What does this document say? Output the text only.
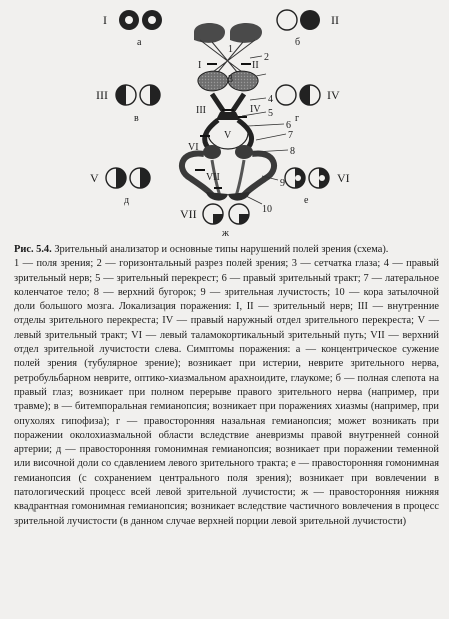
I	II
III	IV
V	VI
VII
а	б
в	г
д	е
ж
1
2
3
4
5
6
7
8
9
10
I	II
III	IV
V
VI
VII
Рис. 5.4. Зрительный анализатор и основные типы нарушений полей зрения (схема).
1 — поля зрения; 2 — горизонтальный разрез полей зрения; 3 — сетчатка глаза; 4 — правый зрительный нерв; 5 — зрительный перекрест; 6 — правый зрительный тракт; 7 — латеральное коленчатое тело; 8 — верхний бугорок; 9 — зрительная лучистость; 10 — кора затылочной доли большого мозга. Локализация поражения: I, II — зрительный нерв; III — внутренние отделы зрительного перекреста; IV — правый наружный отдел зрительного перекреста; V — левый зрительный тракт; VI — левый таламокортикальный зрительный путь; VII — верхний отдел зрительной лучистости слева. Симптомы поражения: а — концентрическое сужение полей зрения (тубулярное зрение); возникает при истерии, неврите зрительного нерва, ретробульбарном неврите, оптико-хиазмальном арахноидите, глаукоме; б — полная слепота на правый глаз; возникает при полном перерыве правого зрительного нерва (например, при травме); в — битемпоральная гемианопсия; возникает при поражениях хиазмы (например, при опухолях гипофиза); г — правосторонняя назальная гемианопсия; может возникать при поражении околохиазмальной области вследствие аневризмы правой внутренней сонной артерии; д — правосторонняя гомонимная гемианопсия; возникает при поражении теменной или височной доли со сдавлением левого зрительного тракта; е — правосторонняя гомонимная гемианопсия (с сохранением центрального поля зрения); возникает при вовлечении в патологический процесс всей левой зрительной лучистости; ж — правосторонняя нижняя квадрантная гомонимная гемианопсия; возникает вследствие частичного вовлечения в процесс зрительной лучистости (в данном случае верхней порции левой зрительной лучистости)
